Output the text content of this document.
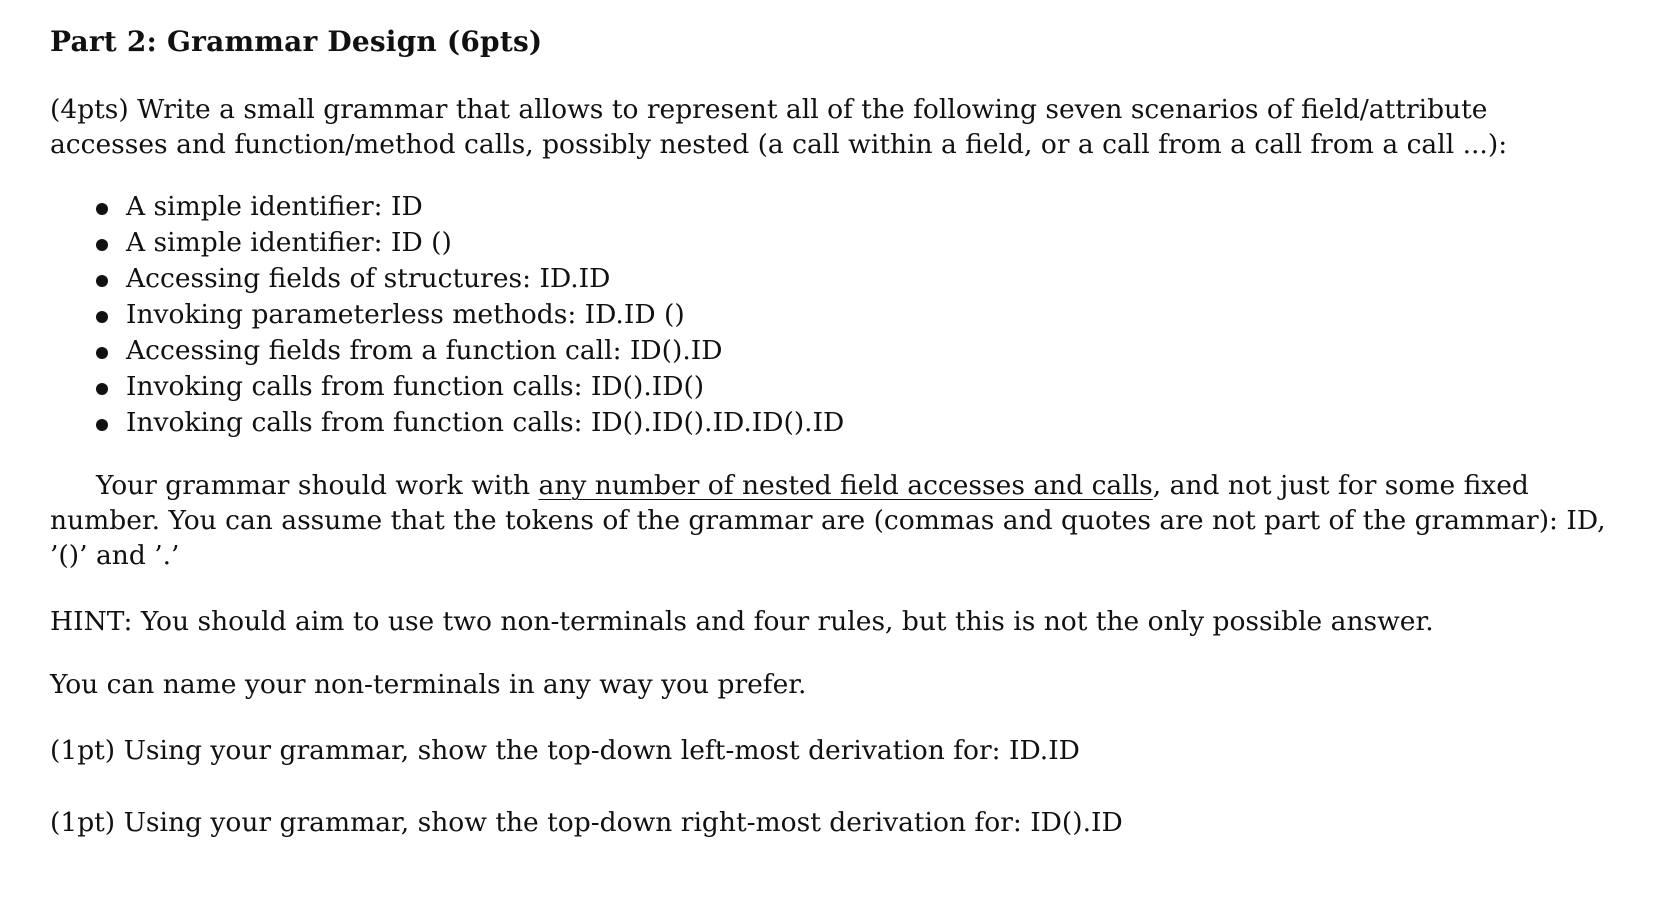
Part 2: Grammar Design (6pts)

(4pts) Write a small grammar that allows to represent all of the following seven scenarios of field/attribute accesses and function/method calls, possibly nested (a call within a field, or a call from a call from a call ...):

A simple identifier: ID
A simple identifier: ID ()
Accessing fields of structures: ID.ID
Invoking parameterless methods: ID.ID ()
Accessing fields from a function call: ID().ID
Invoking calls from function calls: ID().ID()
Invoking calls from function calls: ID().ID().ID.ID().ID

Your grammar should work with any number of nested field accesses and calls, and not just for some fixed number. You can assume that the tokens of the grammar are (commas and quotes are not part of the grammar): ID, ’()’ and ’.’

HINT: You should aim to use two non-terminals and four rules, but this is not the only possible answer.

You can name your non-terminals in any way you prefer.

(1pt) Using your grammar, show the top-down left-most derivation for: ID.ID

(1pt) Using your grammar, show the top-down right-most derivation for: ID().ID
